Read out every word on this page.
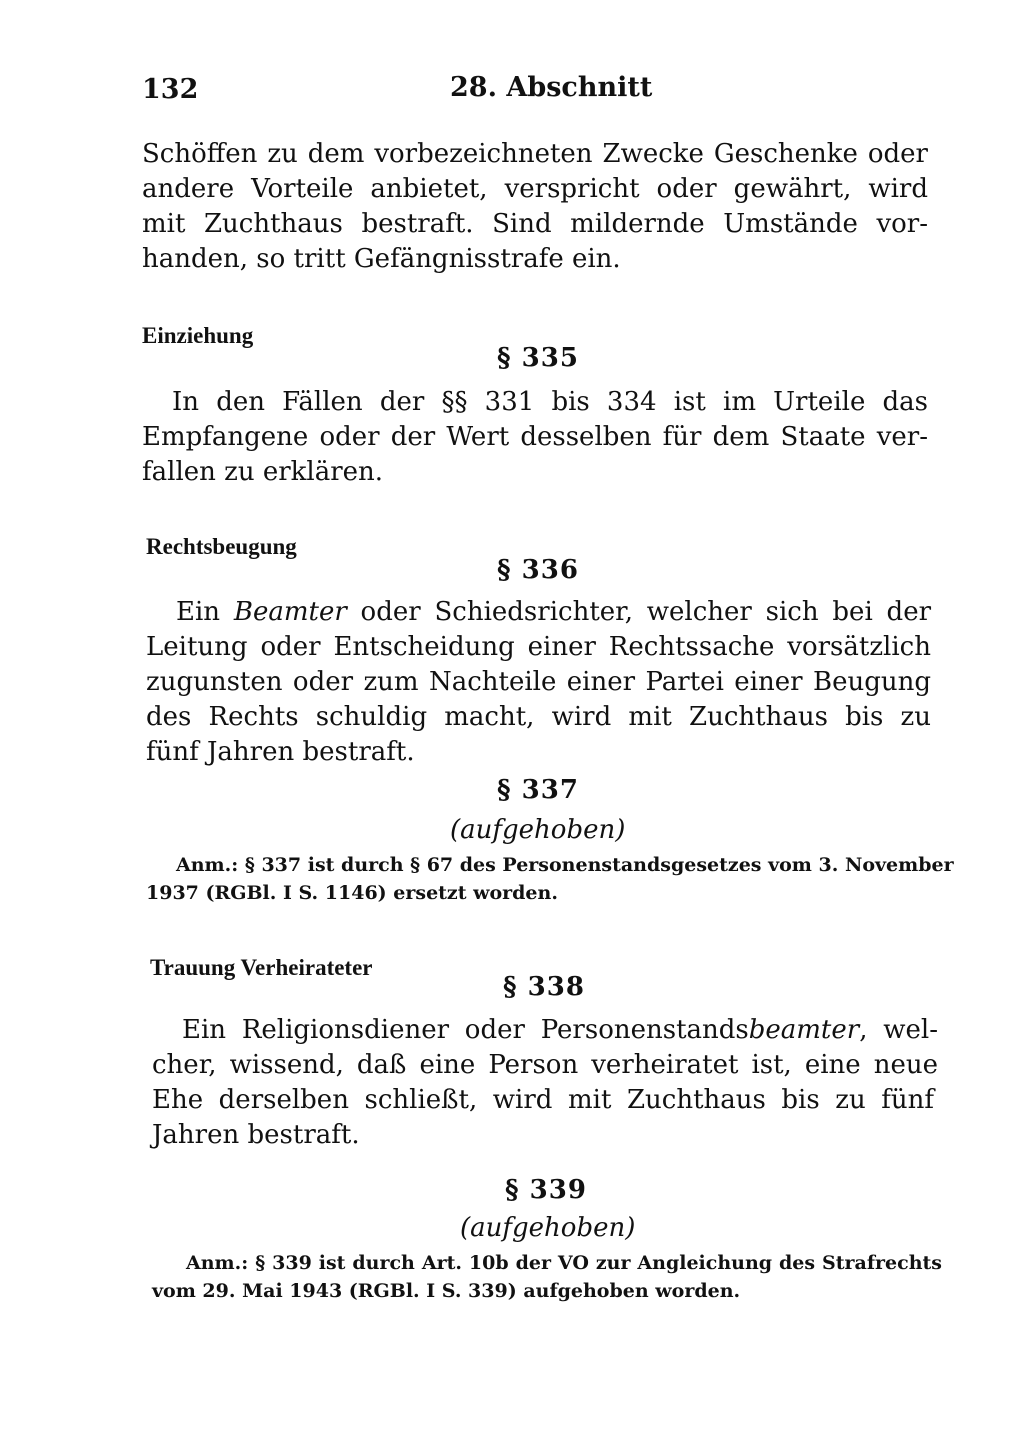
132	28. Abschnitt
Schöffen zu dem vorbezeichneten Zwecke Geschenke oder
andere Vorteile anbietet, verspricht oder gewährt, wird
mit Zuchthaus bestraft. Sind mildernde Umstände vor-
handen, so tritt Gefängnisstrafe ein.
Einziehung
§ 335
In den Fällen der §§ 331 bis 334 ist im Urteile das
Empfangene oder der Wert desselben für dem Staate ver-
fallen zu erklären.
Rechtsbeugung
§ 336
Ein Beamter oder Schiedsrichter, welcher sich bei der
Leitung oder Entscheidung einer Rechtssache vorsätzlich
zugunsten oder zum Nachteile einer Partei einer Beugung
des Rechts schuldig macht, wird mit Zuchthaus bis zu
fünf Jahren bestraft.
§ 337
(aufgehoben)
Anm.: § 337 ist durch § 67 des Personenstandsgesetzes vom 3. November
1937 (RGBl. I S. 1146) ersetzt worden.
Trauung Verheirateter
§ 338
Ein Religionsdiener oder Personenstandsbeamter, wel-
cher, wissend, daß eine Person verheiratet ist, eine neue
Ehe derselben schließt, wird mit Zuchthaus bis zu fünf
Jahren bestraft.
§ 339
(aufgehoben)
Anm.: § 339 ist durch Art. 10b der VO zur Angleichung des Strafrechts
vom 29. Mai 1943 (RGBl. I S. 339) aufgehoben worden.
